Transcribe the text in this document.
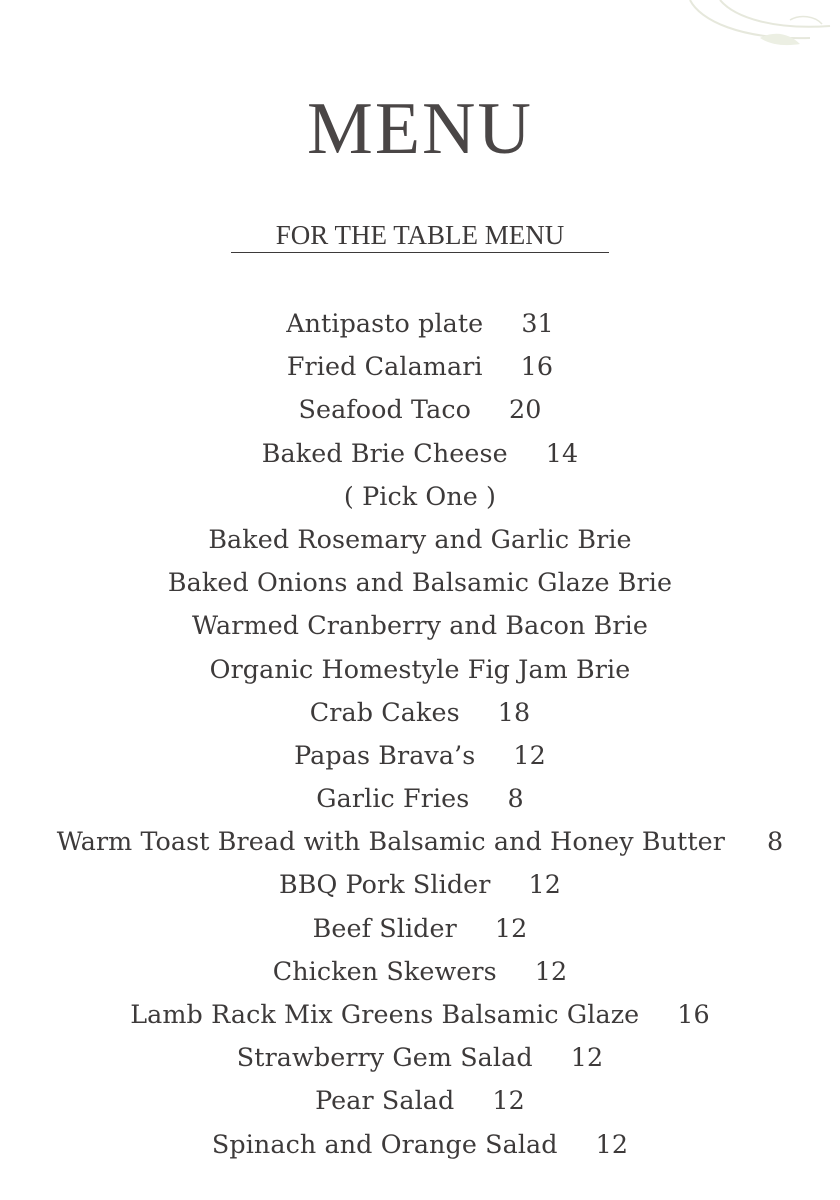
MENU
FOR THE TABLE MENU
Antipasto plate 31
Fried Calamari 16
Seafood Taco 20
Baked Brie Cheese 14
( Pick One )
Baked Rosemary and Garlic Brie
Baked Onions and Balsamic Glaze Brie
Warmed Cranberry and Bacon Brie
Organic Homestyle Fig Jam Brie
Crab Cakes 18
Papas Brava’s 12
Garlic Fries 8
Warm Toast Bread with Balsamic and Honey Butter 8
BBQ Pork Slider 12
Beef Slider 12
Chicken Skewers 12
Lamb Rack Mix Greens Balsamic Glaze 16
Strawberry Gem Salad 12
Pear Salad 12
Spinach and Orange Salad 12
